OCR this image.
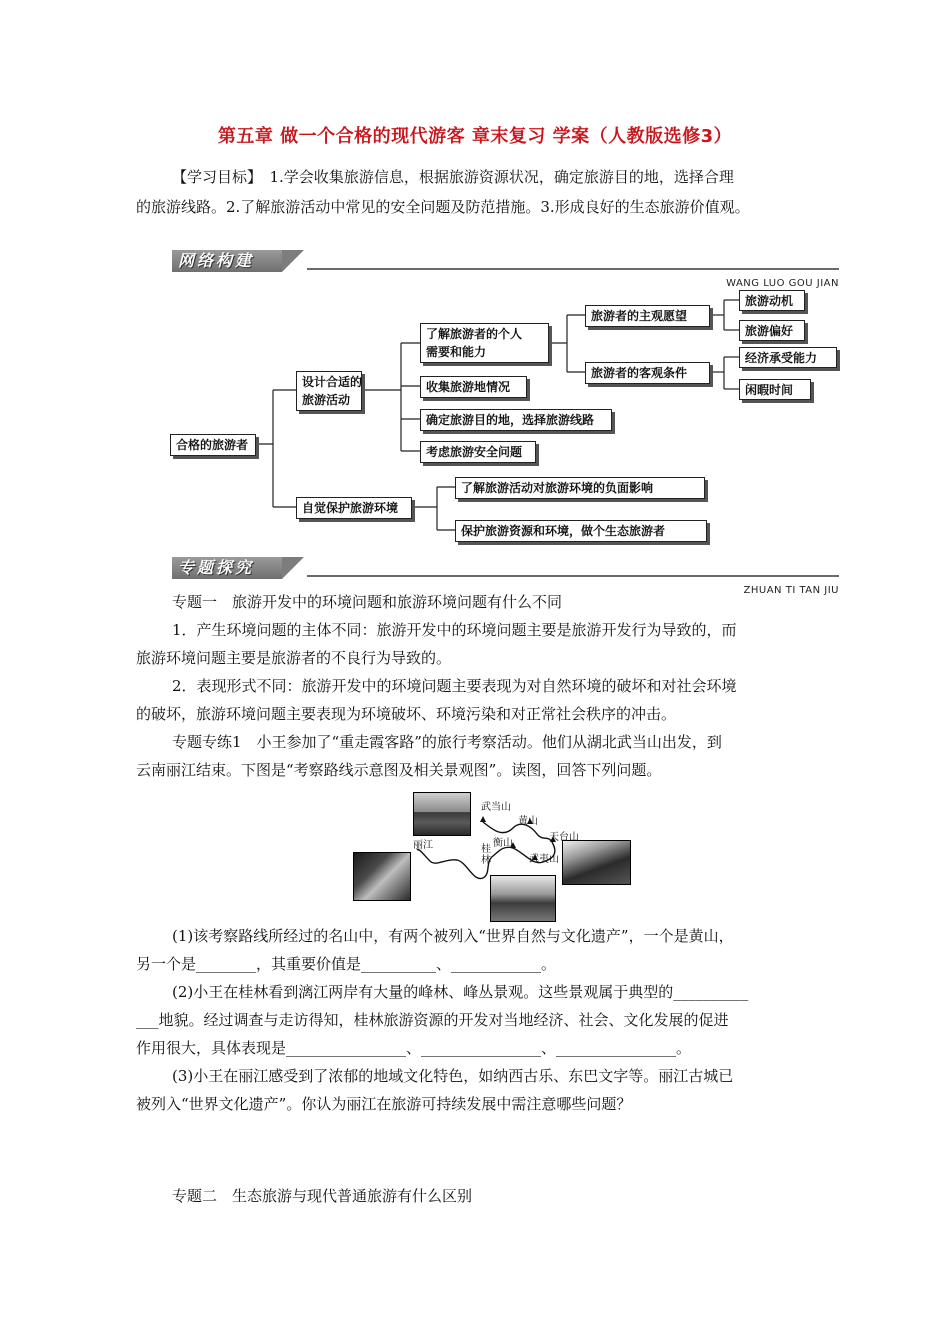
第五章 做一个合格的现代游客 章末复习 学案（人教版选修3）
【学习目标】　1.学会收集旅游信息，根据旅游资源状况，确定旅游目的地，选择合理
的旅游线路。2.了解旅游活动中常见的安全问题及防范措施。3.形成良好的生态旅游价值观。
网络构建
WANG LUO GOU JIAN
合格的旅游者
设计合适的
旅游活动
了解旅游者的个人
需要和能力
收集旅游地情况
确定旅游目的地，选择旅游线路
考虑旅游安全问题
旅游者的主观愿望
旅游者的客观条件
旅游动机
旅游偏好
经济承受能力
闲暇时间
自觉保护旅游环境
了解旅游活动对旅游环境的负面影响
保护旅游资源和环境，做个生态旅游者
专题探究
ZHUAN TI TAN JIU
专题一　旅游开发中的环境问题和旅游环境问题有什么不同
1．产生环境问题的主体不同：旅游开发中的环境问题主要是旅游开发行为导致的，而
旅游环境问题主要是旅游者的不良行为导致的。
2．表现形式不同：旅游开发中的环境问题主要表现为对自然环境的破坏和对社会环境
的破坏，旅游环境问题主要表现为环境破坏、环境污染和对正常社会秩序的冲击。
专题专练1　小王参加了“重走霞客路”的旅行考察活动。他们从湖北武当山出发，到
云南丽江结束。下图是“考察路线示意图及相关景观图”。读图，回答下列问题。
武当山
黄山
天台山
衡山
桂林
丽江
武夷山
(1)该考察路线所经过的名山中，有两个被列入“世界自然与文化遗产”，一个是黄山，
另一个是________，其重要价值是__________、____________。
(2)小王在桂林看到漓江两岸有大量的峰林、峰丛景观。这些景观属于典型的__________
___地貌。经过调查与走访得知，桂林旅游资源的开发对当地经济、社会、文化发展的促进
作用很大，具体表现是________________、________________、________________。
(3)小王在丽江感受到了浓郁的地域文化特色，如纳西古乐、东巴文字等。丽江古城已
被列入“世界文化遗产”。你认为丽江在旅游可持续发展中需注意哪些问题？
专题二　生态旅游与现代普通旅游有什么区别
